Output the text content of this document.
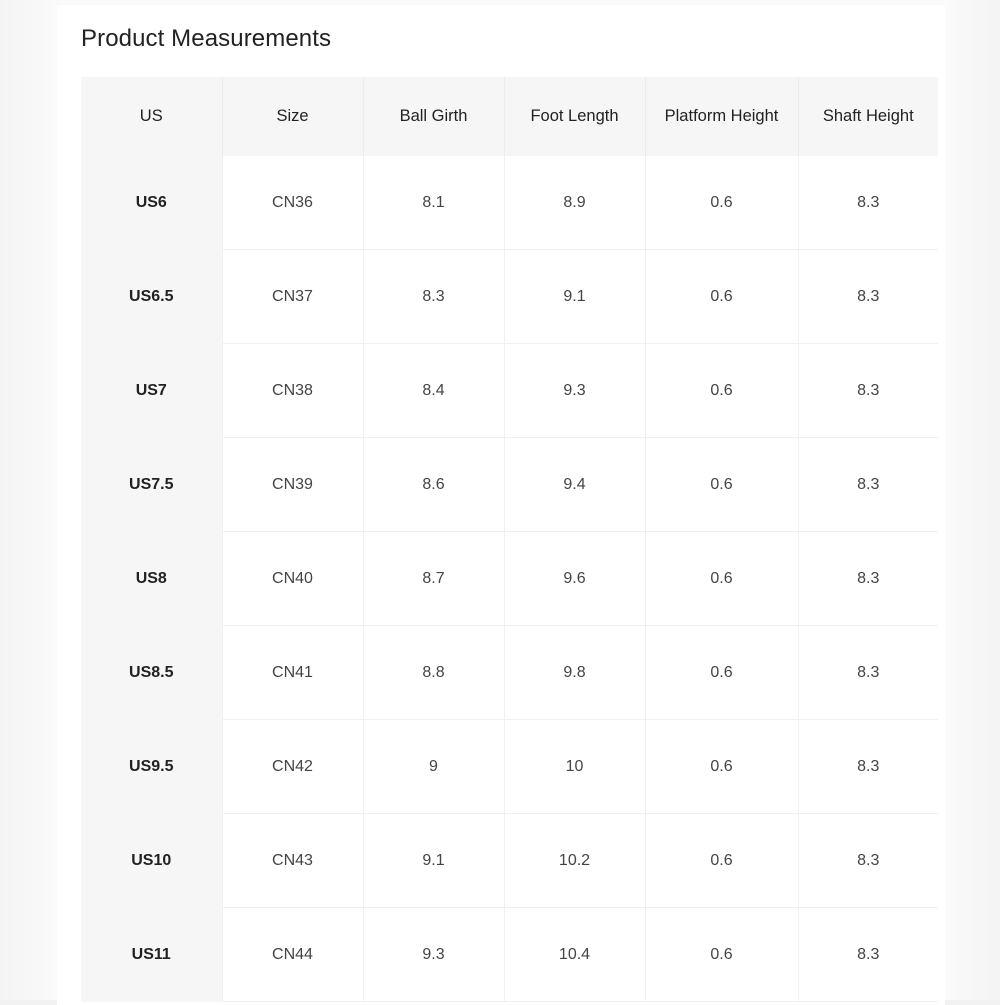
Product Measurements
US	Size	Ball Girth	Foot Length	Platform Height	Shaft Height
US6	CN36	8.1	8.9	0.6	8.3
US6.5	CN37	8.3	9.1	0.6	8.3
US7	CN38	8.4	9.3	0.6	8.3
US7.5	CN39	8.6	9.4	0.6	8.3
US8	CN40	8.7	9.6	0.6	8.3
US8.5	CN41	8.8	9.8	0.6	8.3
US9.5	CN42	9	10	0.6	8.3
US10	CN43	9.1	10.2	0.6	8.3
US11	CN44	9.3	10.4	0.6	8.3
